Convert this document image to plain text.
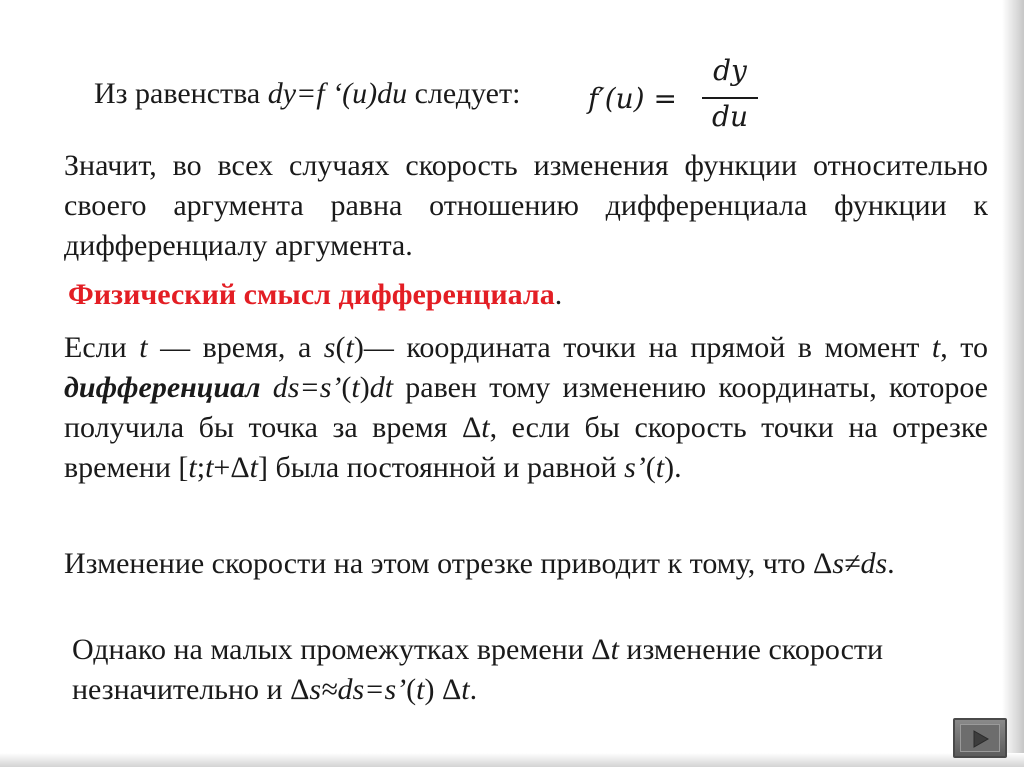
Из равенства dy=f ‘(u)du следует:	f′(u) =
dy
du

Значит, во всех случаях скорость изменения функции относительно своего аргумента равна отношению дифференциала функции к дифференциалу аргумента.

Физический смысл дифференциала.

Если t — время, а s(t)— координата точки на прямой в момент t, то дифференциал ds=s’(t)dt равен тому изменению координаты, которое получила бы точка за время Δt, если бы скорость точки на отрезке времени [t;t+Δt] была постоянной и равной s’(t).

Изменение скорости на этом отрезке приводит к тому, что Δs≠ds.

Однако на малых промежутках времени Δt изменение скорости незначительно и Δs≈ds=s’(t) Δt.
